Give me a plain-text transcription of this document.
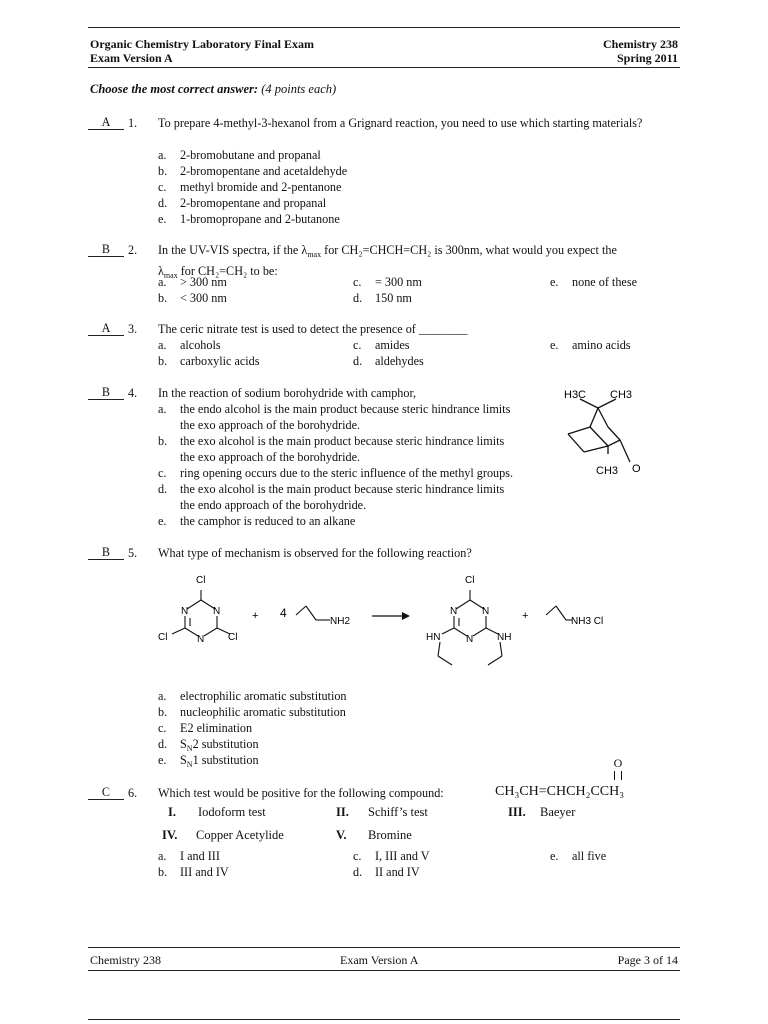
Organic Chemistry Laboratory Final Exam
Exam Version A
Chemistry 238
Spring 2011
Choose the most correct answer: (4 points each)
A	1. To prepare 4-methyl-3-hexanol from a Grignard reaction, you need to use which starting materials?
a. 2-bromobutane and propanal
b. 2-bromopentane and acetaldehyde
c. methyl bromide and 2-pentanone
d. 2-bromopentane and propanal
e. 1-bromopropane and 2-butanone
B	2. In the UV-VIS spectra, if the $\lambda_{max}$ for CH₂=CHCH=CH₂ is 300nm, what would you expect the
$\lambda_{max}$ for CH₂=CH₂ to be:
a. > 300 nm
b. < 300 nm
c. = 300 nm
d. 150 nm
e. none of these
A	3. The ceric nitrate test is used to detect the presence of ________
a. alcohols
b. carboxylic acids
c. amides
d. aldehydes
e. amino acids
B	4. In the reaction of sodium borohydride with camphor,
a. the endo alcohol is the main product because steric hindrance limits
the exo approach of the borohydride.
b. the exo alcohol is the main product because steric hindrance limits
the exo approach of the borohydride.
c. ring opening occurs due to the steric influence of the methyl groups.
d. the exo alcohol is the main product because steric hindrance limits
the endo approach of the borohydride.
e. the camphor is reduced to an alkane
H3C CH3
CH3 O
B	5. What type of mechanism is observed for the following reaction?
Cl
N N
N
Cl	Cl
+ 4
NH2
Cl
N N
N
HN	NH
+	NH3 Cl
a. electrophilic aromatic substitution
b. nucleophilic aromatic substitution
c. E2 elimination
d. $S_N2$ substitution
e. $S_N1$ substitution
C	6. Which test would be positive for the following compound:
I. Iodoform test	II. Schiff’s test	III. Baeyer
IV. Copper Acetylide	V. Bromine
a. I and III
b. III and IV
c. I, III and V
d. II and IV
e. all five
CH₃CH=CHCH₂CCH₃
O
Chemistry 238	Exam Version A	Page 3 of 14
